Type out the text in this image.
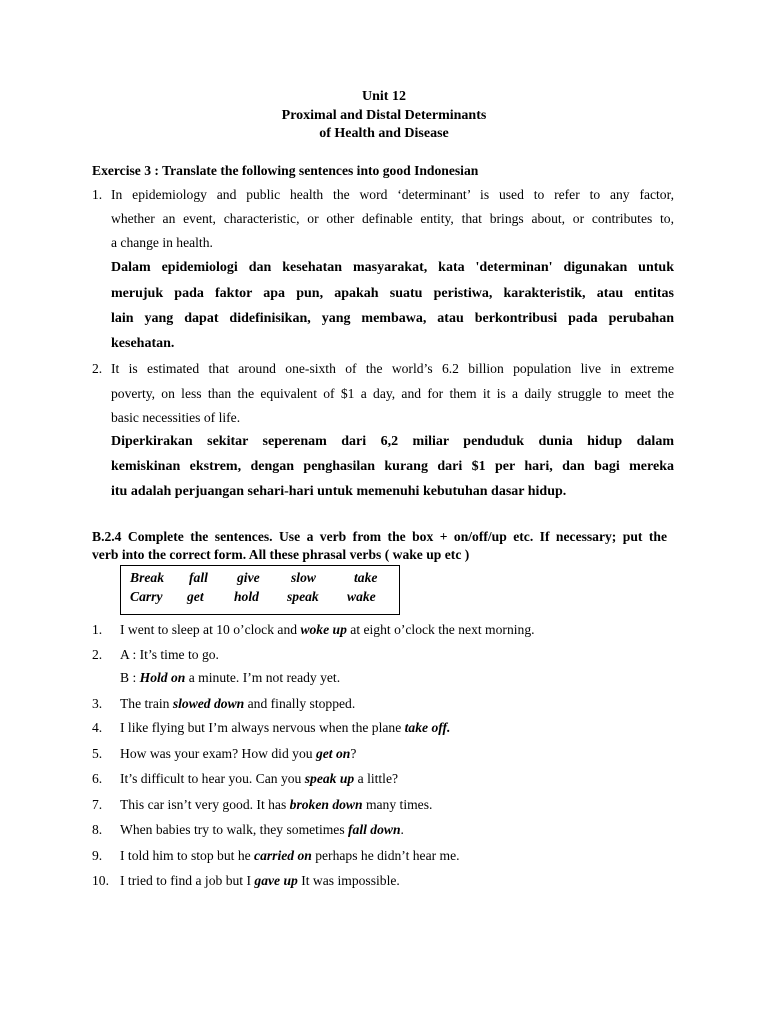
Unit 12
Proximal and Distal Determinants
of Health and Disease
Exercise 3 : Translate the following sentences into good Indonesian
1. In epidemiology and public health the word ‘determinant’ is used to refer to any factor,
whether an event, characteristic, or other definable entity, that brings about, or contributes to,
a change in health.
Dalam epidemiologi dan kesehatan masyarakat, kata 'determinan' digunakan untuk
merujuk pada faktor apa pun, apakah suatu peristiwa, karakteristik, atau entitas
lain yang dapat didefinisikan, yang membawa, atau berkontribusi pada perubahan
kesehatan.
2. It is estimated that around one-sixth of the world’s 6.2 billion population live in extreme
poverty, on less than the equivalent of $1 a day, and for them it is a daily struggle to meet the
basic necessities of life.
Diperkirakan sekitar seperenam dari 6,2 miliar penduduk dunia hidup dalam
kemiskinan ekstrem, dengan penghasilan kurang dari $1 per hari, dan bagi mereka
itu adalah perjuangan sehari-hari untuk memenuhi kebutuhan dasar hidup.
B.2.4 Complete the sentences. Use a verb from the box + on/off/up etc. If necessary; put the
verb into the correct form. All these phrasal verbs ( wake up etc )
Break fall give slow	take
Carry get hold speak wake
1. I went to sleep at 10 o’clock and woke up at eight o’clock the next morning.
2. A : It’s time to go.
B : Hold on a minute. I’m not ready yet.
3. The train slowed down and finally stopped.
4. I like flying but I’m always nervous when the plane take off.
5. How was your exam? How did you get on?
6. It’s difficult to hear you. Can you speak up a little?
7. This car isn’t very good. It has broken down many times.
8. When babies try to walk, they sometimes fall down.
9. I told him to stop but he carried on perhaps he didn’t hear me.
10. I tried to find a job but I gave up It was impossible.
